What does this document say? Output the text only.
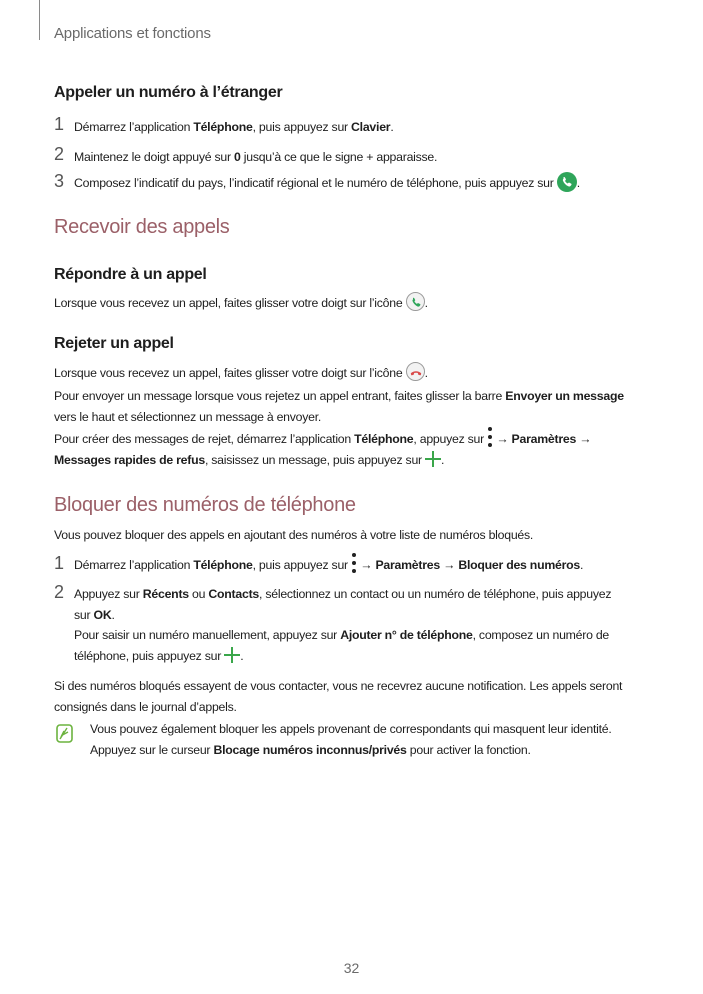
Applications et fonctions
Appeler un numéro à l’étranger
1 Démarrez l’application Téléphone, puis appuyez sur Clavier.
2 Maintenez le doigt appuyé sur 0 jusqu’à ce que le signe + apparaisse.
3 Composez l’indicatif du pays, l’indicatif régional et le numéro de téléphone, puis appuyez sur
.
Recevoir des appels
Répondre à un appel
Lorsque vous recevez un appel, faites glisser votre doigt sur l’icône
.
Rejeter un appel
Lorsque vous recevez un appel, faites glisser votre doigt sur l’icône
.
Pour envoyer un message lorsque vous rejetez un appel entrant, faites glisser la barre Envoyer un message
vers le haut et sélectionnez un message à envoyer.
Pour créer des messages de rejet, démarrez l’application Téléphone, appuyez sur
→ Paramètres →
Messages rapides de refus, saisissez un message, puis appuyez sur .
Bloquer des numéros de téléphone
Vous pouvez bloquer des appels en ajoutant des numéros à votre liste de numéros bloqués.
1 Démarrez l’application Téléphone, puis appuyez sur
→ Paramètres → Bloquer des numéros.
2 Appuyez sur Récents ou Contacts, sélectionnez un contact ou un numéro de téléphone, puis appuyez
sur OK.
Pour saisir un numéro manuellement, appuyez sur Ajouter n° de téléphone, composez un numéro de
téléphone, puis appuyez sur .
Si des numéros bloqués essayent de vous contacter, vous ne recevrez aucune notification. Les appels seront
consignés dans le journal d’appels.
Vous pouvez également bloquer les appels provenant de correspondants qui masquent leur identité.
Appuyez sur le curseur Blocage numéros inconnus/privés pour activer la fonction.
32
